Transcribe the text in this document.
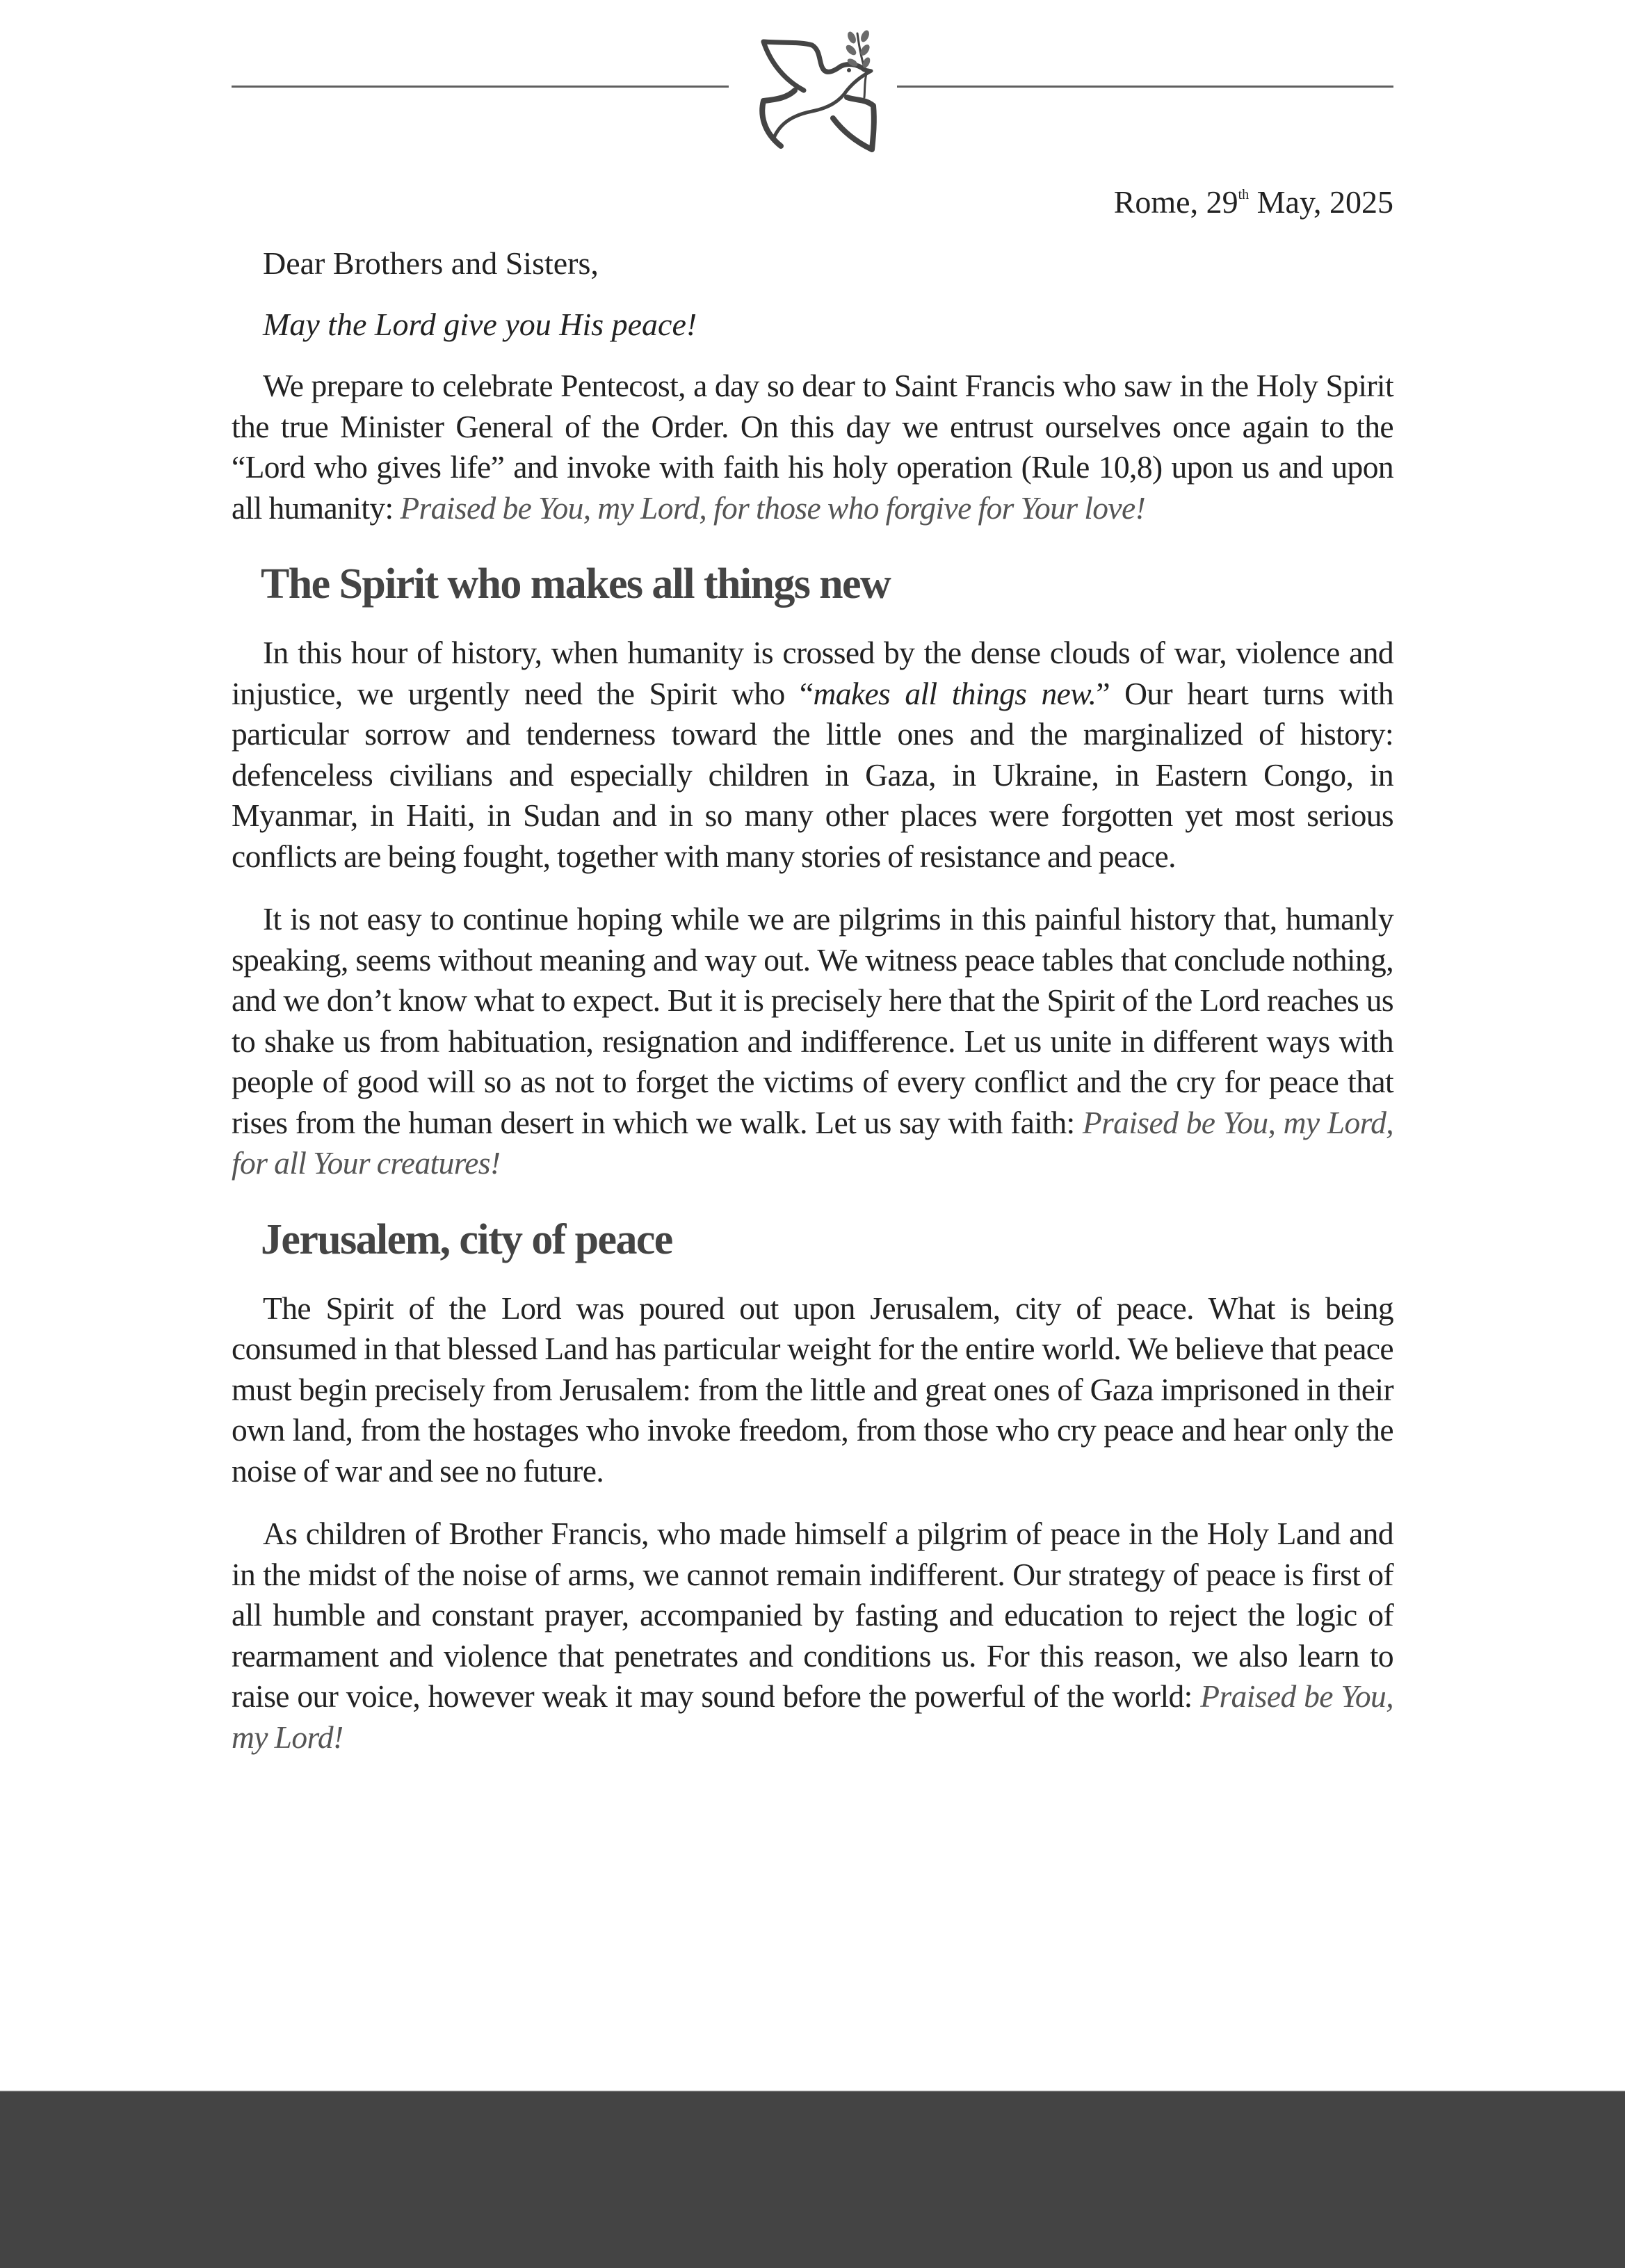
Rome, 29th May, 2025
Dear Brothers and Sisters,
May the Lord give you His peace!

We prepare to celebrate Pentecost, a day so dear to Saint Francis who saw in the Holy Spirit the true Minister General of the Order. On this day we entrust ourselves once again to the “Lord who gives life” and invoke with faith his holy operation (Rule 10,8) upon us and upon all humanity: Praised be You, my Lord, for those who forgive for Your love!

The Spirit who makes all things new

In this hour of history, when humanity is crossed by the dense clouds of war, violence and injustice, we urgently need the Spirit who “makes all things new.” Our heart turns with particular sorrow and tenderness toward the little ones and the marginalized of history: defenceless civilians and especially children in Gaza, in Ukraine, in Eastern Congo, in Myanmar, in Haiti, in Sudan and in so many other places were forgotten yet most serious conflicts are being fought, together with many stories of resistance and peace.

It is not easy to continue hoping while we are pilgrims in this painful history that, humanly speaking, seems without meaning and way out. We witness peace tables that conclude nothing, and we don’t know what to expect. But it is precisely here that the Spirit of the Lord reaches us to shake us from habituation, resignation and indifference. Let us unite in different ways with people of good will so as not to forget the victims of every conflict and the cry for peace that rises from the human desert in which we walk. Let us say with faith: Praised be You, my Lord, for all Your creatures!

Jerusalem, city of peace

The Spirit of the Lord was poured out upon Jerusalem, city of peace. What is being consumed in that blessed Land has particular weight for the entire world. We believe that peace must begin precisely from Jerusalem: from the little and great ones of Gaza imprisoned in their own land, from the hostages who invoke freedom, from those who cry peace and hear only the noise of war and see no future.

As children of Brother Francis, who made himself a pilgrim of peace in the Holy Land and in the midst of the noise of arms, we cannot remain indifferent. Our strategy of peace is first of all humble and constant prayer, accompanied by fasting and education to reject the logic of rearmament and violence that penetrates and conditions us. For this reason, we also learn to raise our voice, however weak it may sound before the powerful of the world: Praised be You, my Lord!
